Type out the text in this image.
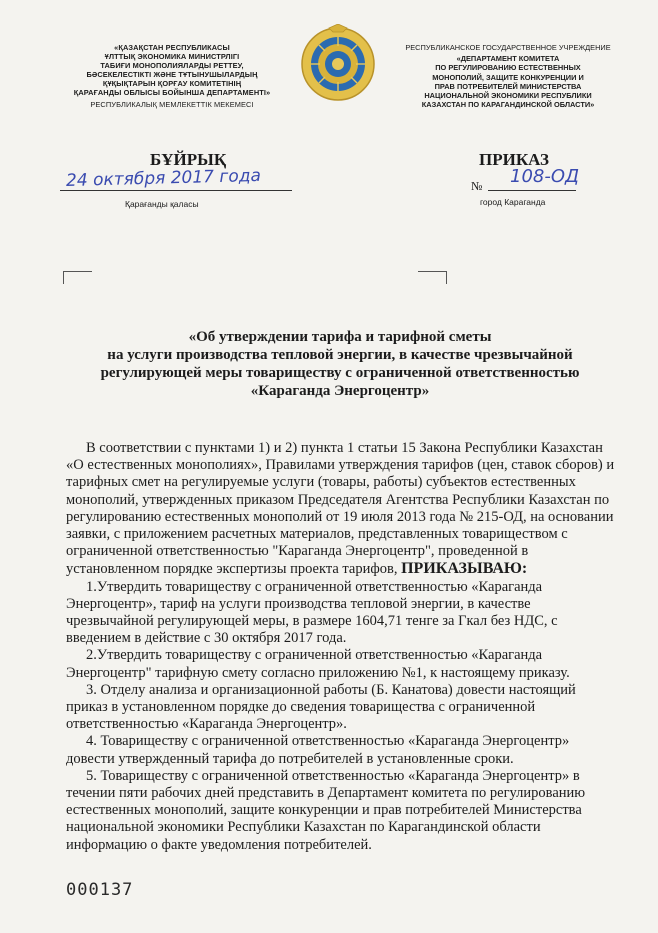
«ҚАЗАҚСТАН РЕСПУБЛИКАСЫ
ҰЛТТЫҚ ЭКОНОМИКА МИНИСТРЛІГІ
ТАБИҒИ МОНОПОЛИЯЛАРДЫ РЕТТЕУ,
БӘСЕКЕЛЕСТІКТІ ЖӘНЕ ТҰТЫНУШЫЛАРДЫҢ
ҚҰҚЫҚТАРЫН ҚОРҒАУ КОМИТЕТІНІҢ
ҚАРАҒАНДЫ ОБЛЫСЫ БОЙЫНША ДЕПАРТАМЕНТІ»
РЕСПУБЛИКАЛЫҚ МЕМЛЕКЕТТІК МЕКЕМЕСІ
РЕСПУБЛИКАНСКОЕ ГОСУДАРСТВЕННОЕ УЧРЕЖДЕНИЕ
«ДЕПАРТАМЕНТ КОМИТЕТА
ПО РЕГУЛИРОВАНИЮ ЕСТЕСТВЕННЫХ
МОНОПОЛИЙ, ЗАЩИТЕ КОНКУРЕНЦИИ И
ПРАВ ПОТРЕБИТЕЛЕЙ МИНИСТЕРСТВА
НАЦИОНАЛЬНОЙ ЭКОНОМИКИ РЕСПУБЛИКИ
КАЗАХСТАН ПО КАРАГАНДИНСКОЙ ОБЛАСТИ»
БҰЙРЫҚ	ПРИКАЗ
24 октября 2017 года
Қарағанды қаласы
№ 108-ОД
город Караганда
«Об утверждении тарифа и тарифной сметы
на услуги производства тепловой энергии, в качестве чрезвычайной
регулирующей меры товариществу с ограниченной ответственностью
«Караганда Энергоцентр»
В соответствии с пунктами 1) и 2) пункта 1 статьи 15 Закона Республики Казахстан
«О естественных монополиях», Правилами утверждения тарифов (цен, ставок сборов) и
тарифных смет на регулируемые услуги (товары, работы) субъектов естественных
монополий, утвержденных приказом Председателя Агентства Республики Казахстан по
регулированию естественных монополий от 19 июля 2013 года № 215-ОД, на основании
заявки, с приложением расчетных материалов, представленных товариществом с
ограниченной ответственностью "Караганда Энергоцентр", проведенной в
установленном порядке экспертизы проекта тарифов, ПРИКАЗЫВАЮ:
1.Утвердить товариществу с ограниченной ответственностью «Караганда
Энергоцентр», тариф на услуги производства тепловой энергии, в качестве
чрезвычайной регулирующей меры, в размере 1604,71 тенге за Гкал без НДС, с
введением в действие с 30 октября 2017 года.
2.Утвердить товариществу с ограниченной ответственностью «Караганда
Энергоцентр" тарифную смету согласно приложению №1, к настоящему приказу.
3. Отделу анализа и организационной работы (Б. Канатова) довести настоящий
приказ в установленном порядке до сведения товарищества с ограниченной
ответственностью «Караганда Энергоцентр».
4. Товариществу с ограниченной ответственностью «Караганда Энергоцентр»
довести утвержденный тарифа до потребителей в установленные сроки.
5. Товариществу с ограниченной ответственностью «Караганда Энергоцентр» в
течении пяти рабочих дней представить в Департамент комитета по регулированию
естественных монополий, защите конкуренции и прав потребителей Министерства
национальной экономики Республики Казахстан по Карагандинской области
информацию о факте уведомления потребителей.
000137
